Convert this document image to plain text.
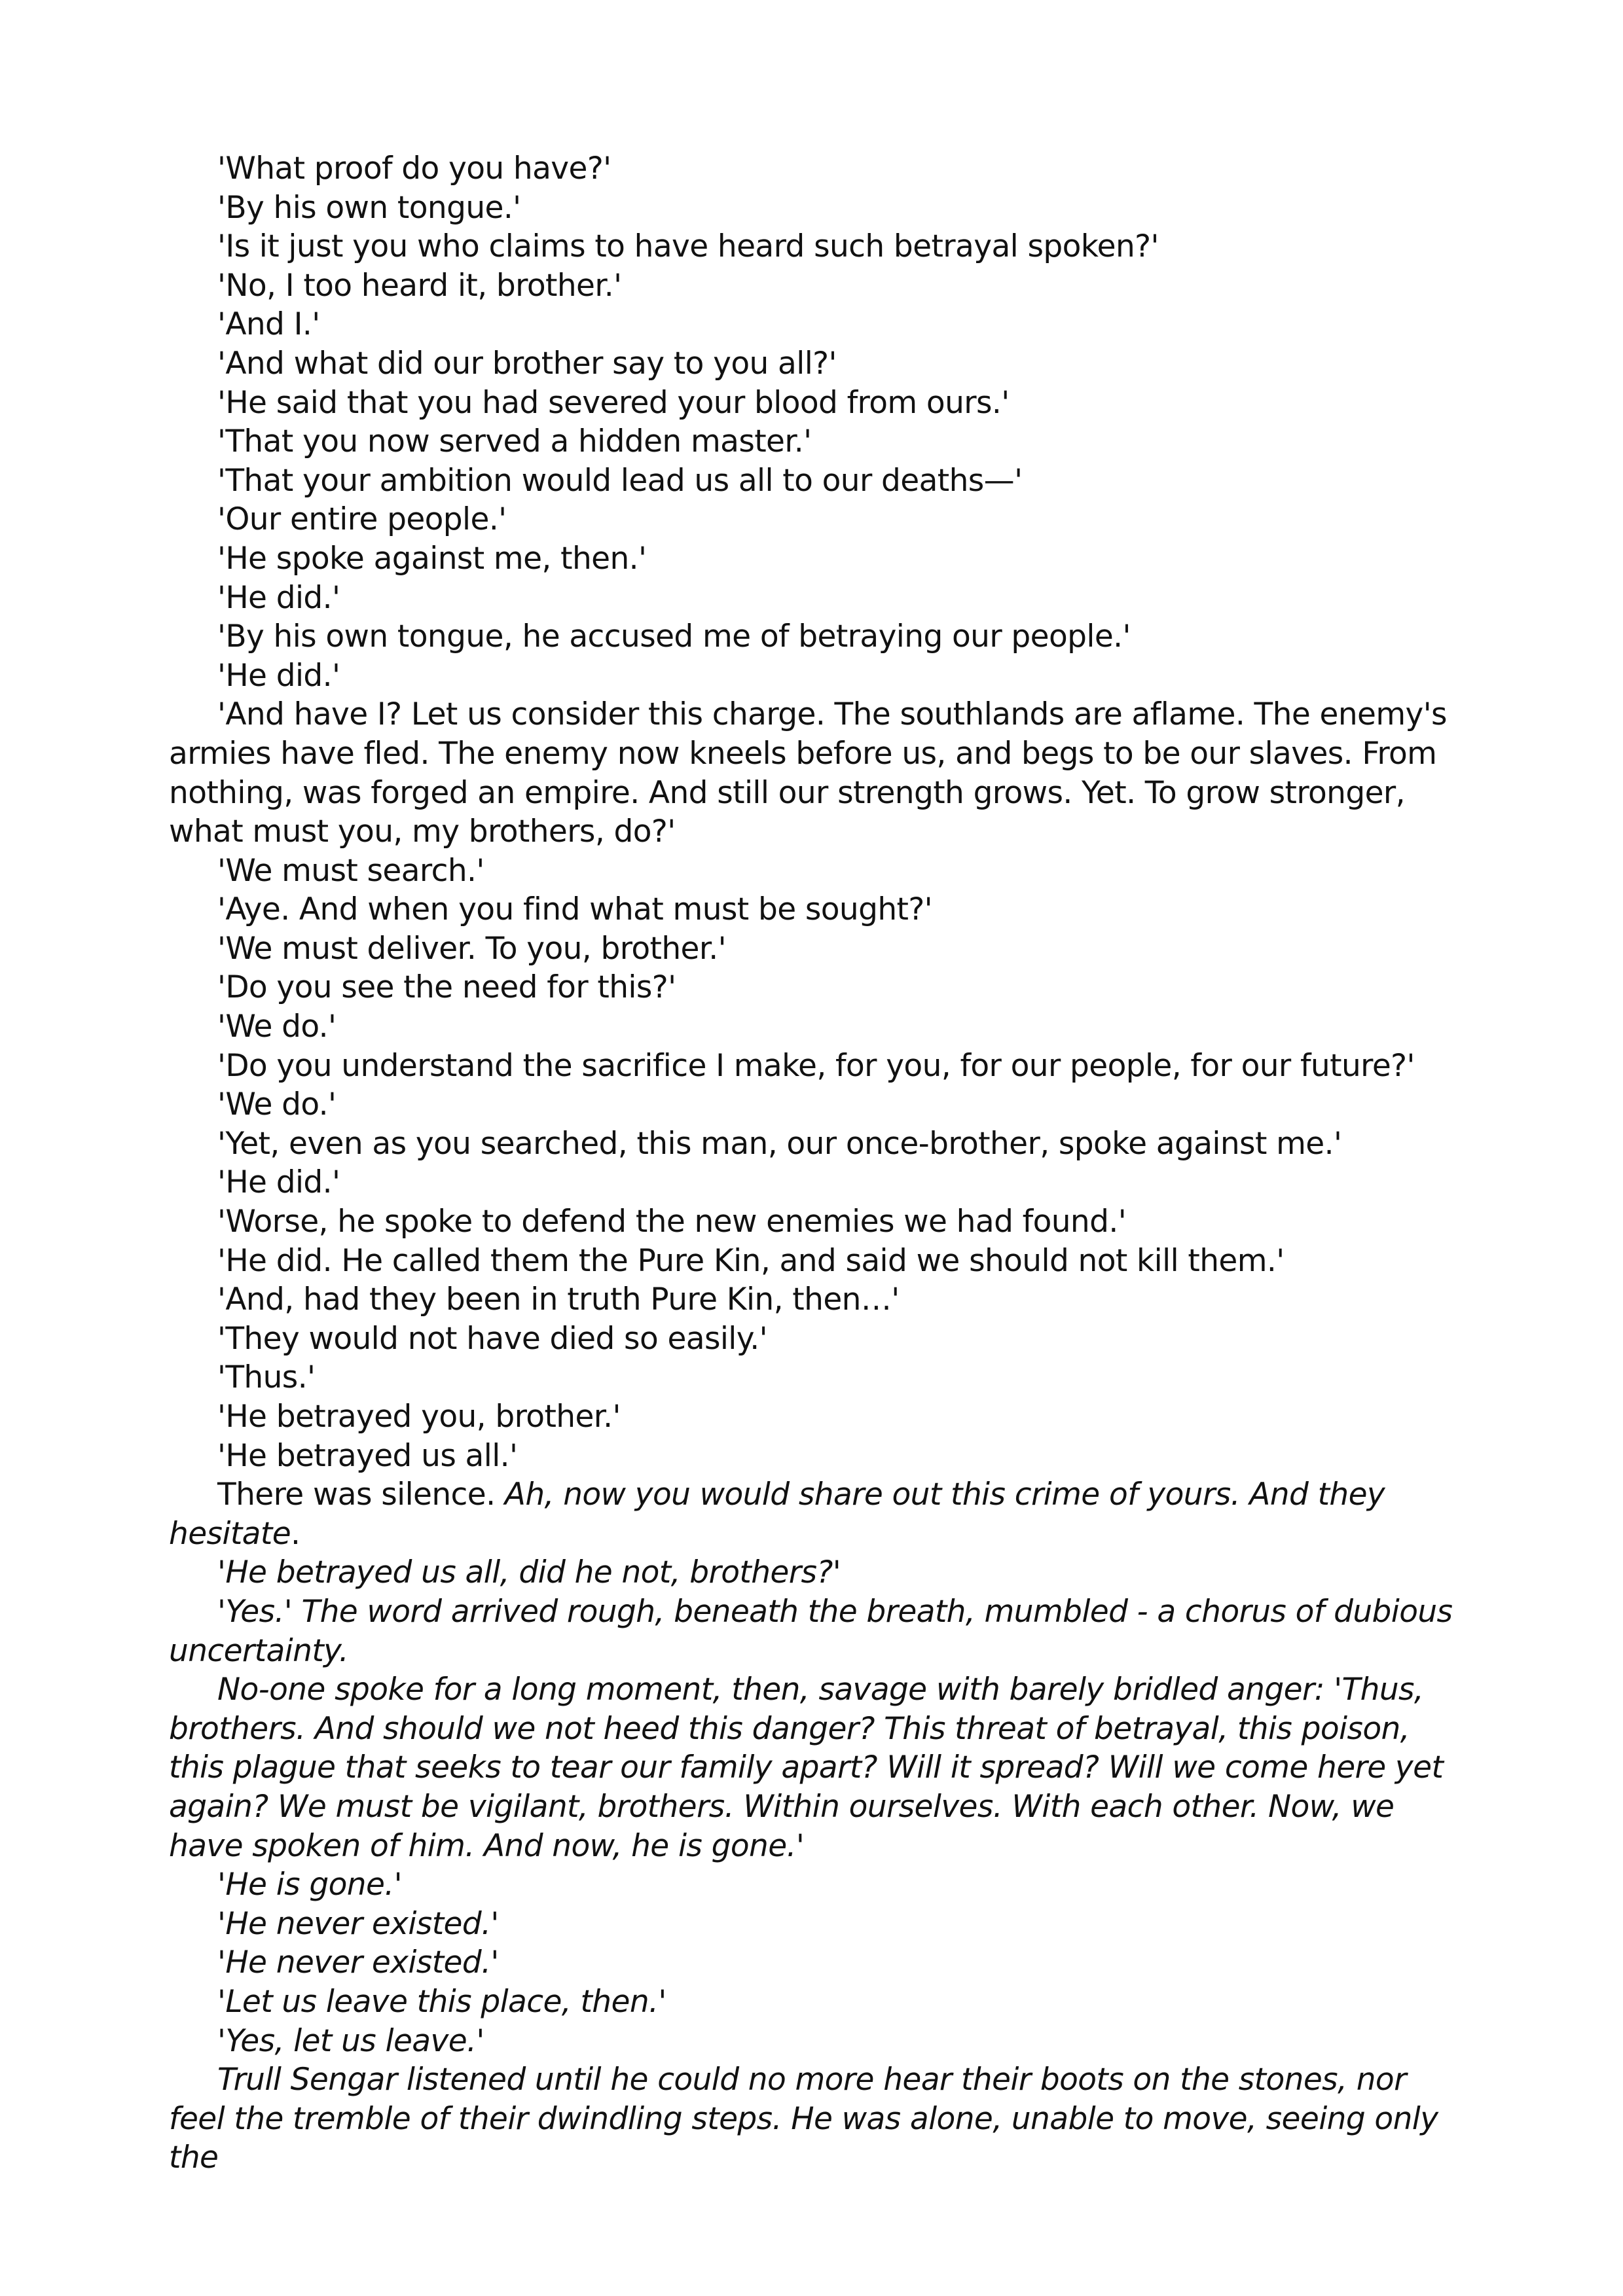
'What proof do you have?'

'By his own tongue.'

'Is it just you who claims to have heard such betrayal spoken?'

'No, I too heard it, brother.'

'And I.'

'And what did our brother say to you all?'

'He said that you had severed your blood from ours.'

'That you now served a hidden master.'

'That your ambition would lead us all to our deaths—'

'Our entire people.'

'He spoke against me, then.'

'He did.'

'By his own tongue, he accused me of betraying our people.'

'He did.'

'And have I? Let us consider this charge. The southlands are aflame. The enemy's armies have fled. The enemy now kneels before us, and begs to be our slaves. From nothing, was forged an empire. And still our strength grows. Yet. To grow stronger, what must you, my brothers, do?'

'We must search.'

'Aye. And when you find what must be sought?'

'We must deliver. To you, brother.'

'Do you see the need for this?'

'We do.'

'Do you understand the sacrifice I make, for you, for our people, for our future?'

'We do.'

'Yet, even as you searched, this man, our once-brother, spoke against me.'

'He did.'

'Worse, he spoke to defend the new enemies we had found.'

'He did. He called them the Pure Kin, and said we should not kill them.'

'And, had they been in truth Pure Kin, then…'

'They would not have died so easily.'

'Thus.'

'He betrayed you, brother.'

'He betrayed us all.'

There was silence. Ah, now you would share out this crime of yours. And they hesitate.

'He betrayed us all, did he not, brothers?'

'Yes.' The word arrived rough, beneath the breath, mumbled - a chorus of dubious uncertainty.

No-one spoke for a long moment, then, savage with barely bridled anger: 'Thus, brothers. And should we not heed this danger? This threat of betrayal, this poison, this plague that seeks to tear our family apart? Will it spread? Will we come here yet again? We must be vigilant, brothers. Within ourselves. With each other. Now, we have spoken of him. And now, he is gone.'

'He is gone.'

'He never existed.'

'He never existed.'

'Let us leave this place, then.'

'Yes, let us leave.'

Trull Sengar listened until he could no more hear their boots on the stones, nor feel the tremble of their dwindling steps. He was alone, unable to move, seeing only the
